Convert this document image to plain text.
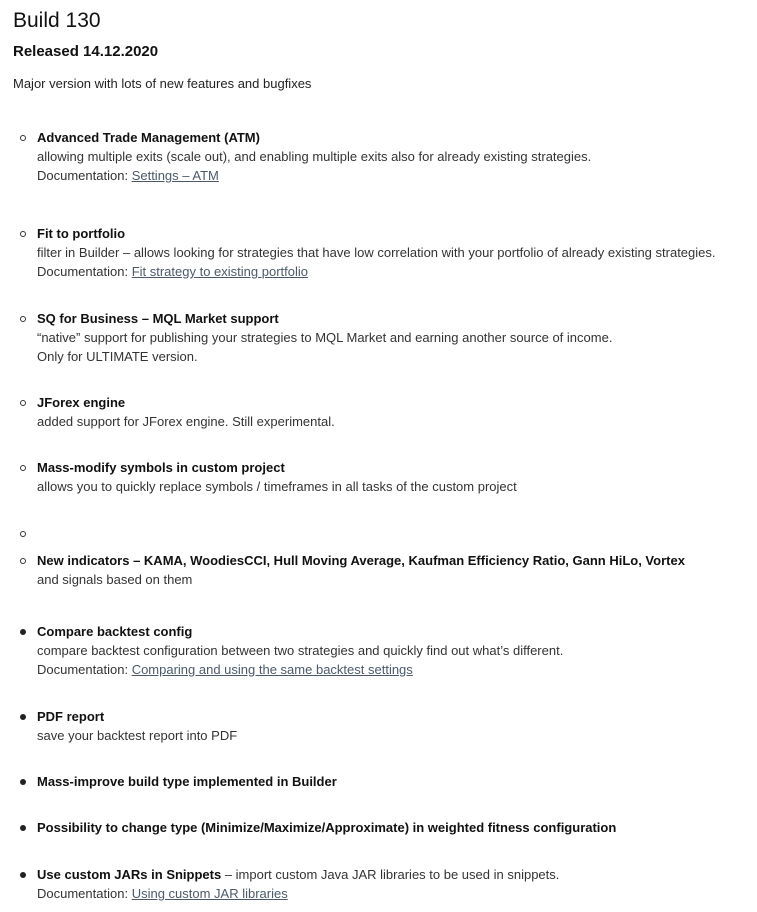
Build 130
Released 14.12.2020
Major version with lots of new features and bugfixes
Advanced Trade Management (ATM)
allowing multiple exits (scale out), and enabling multiple exits also for already existing strategies.
Documentation: Settings – ATM
Fit to portfolio
filter in Builder – allows looking for strategies that have low correlation with your portfolio of already existing strategies.
Documentation: Fit strategy to existing portfolio
SQ for Business – MQL Market support
“native” support for publishing your strategies to MQL Market and earning another source of income.
Only for ULTIMATE version.
JForex engine
added support for JForex engine. Still experimental.
Mass-modify symbols in custom project
allows you to quickly replace symbols / timeframes in all tasks of the custom project
New indicators – KAMA, WoodiesCCI, Hull Moving Average, Kaufman Efficiency Ratio, Gann HiLo, Vortex
and signals based on them
Compare backtest config
compare backtest configuration between two strategies and quickly find out what’s different.
Documentation: Comparing and using the same backtest settings
PDF report
save your backtest report into PDF
Mass-improve build type implemented in Builder
Possibility to change type (Minimize/Maximize/Approximate) in weighted fitness configuration
Use custom JARs in Snippets – import custom Java JAR libraries to be used in snippets.
Documentation: Using custom JAR libraries
